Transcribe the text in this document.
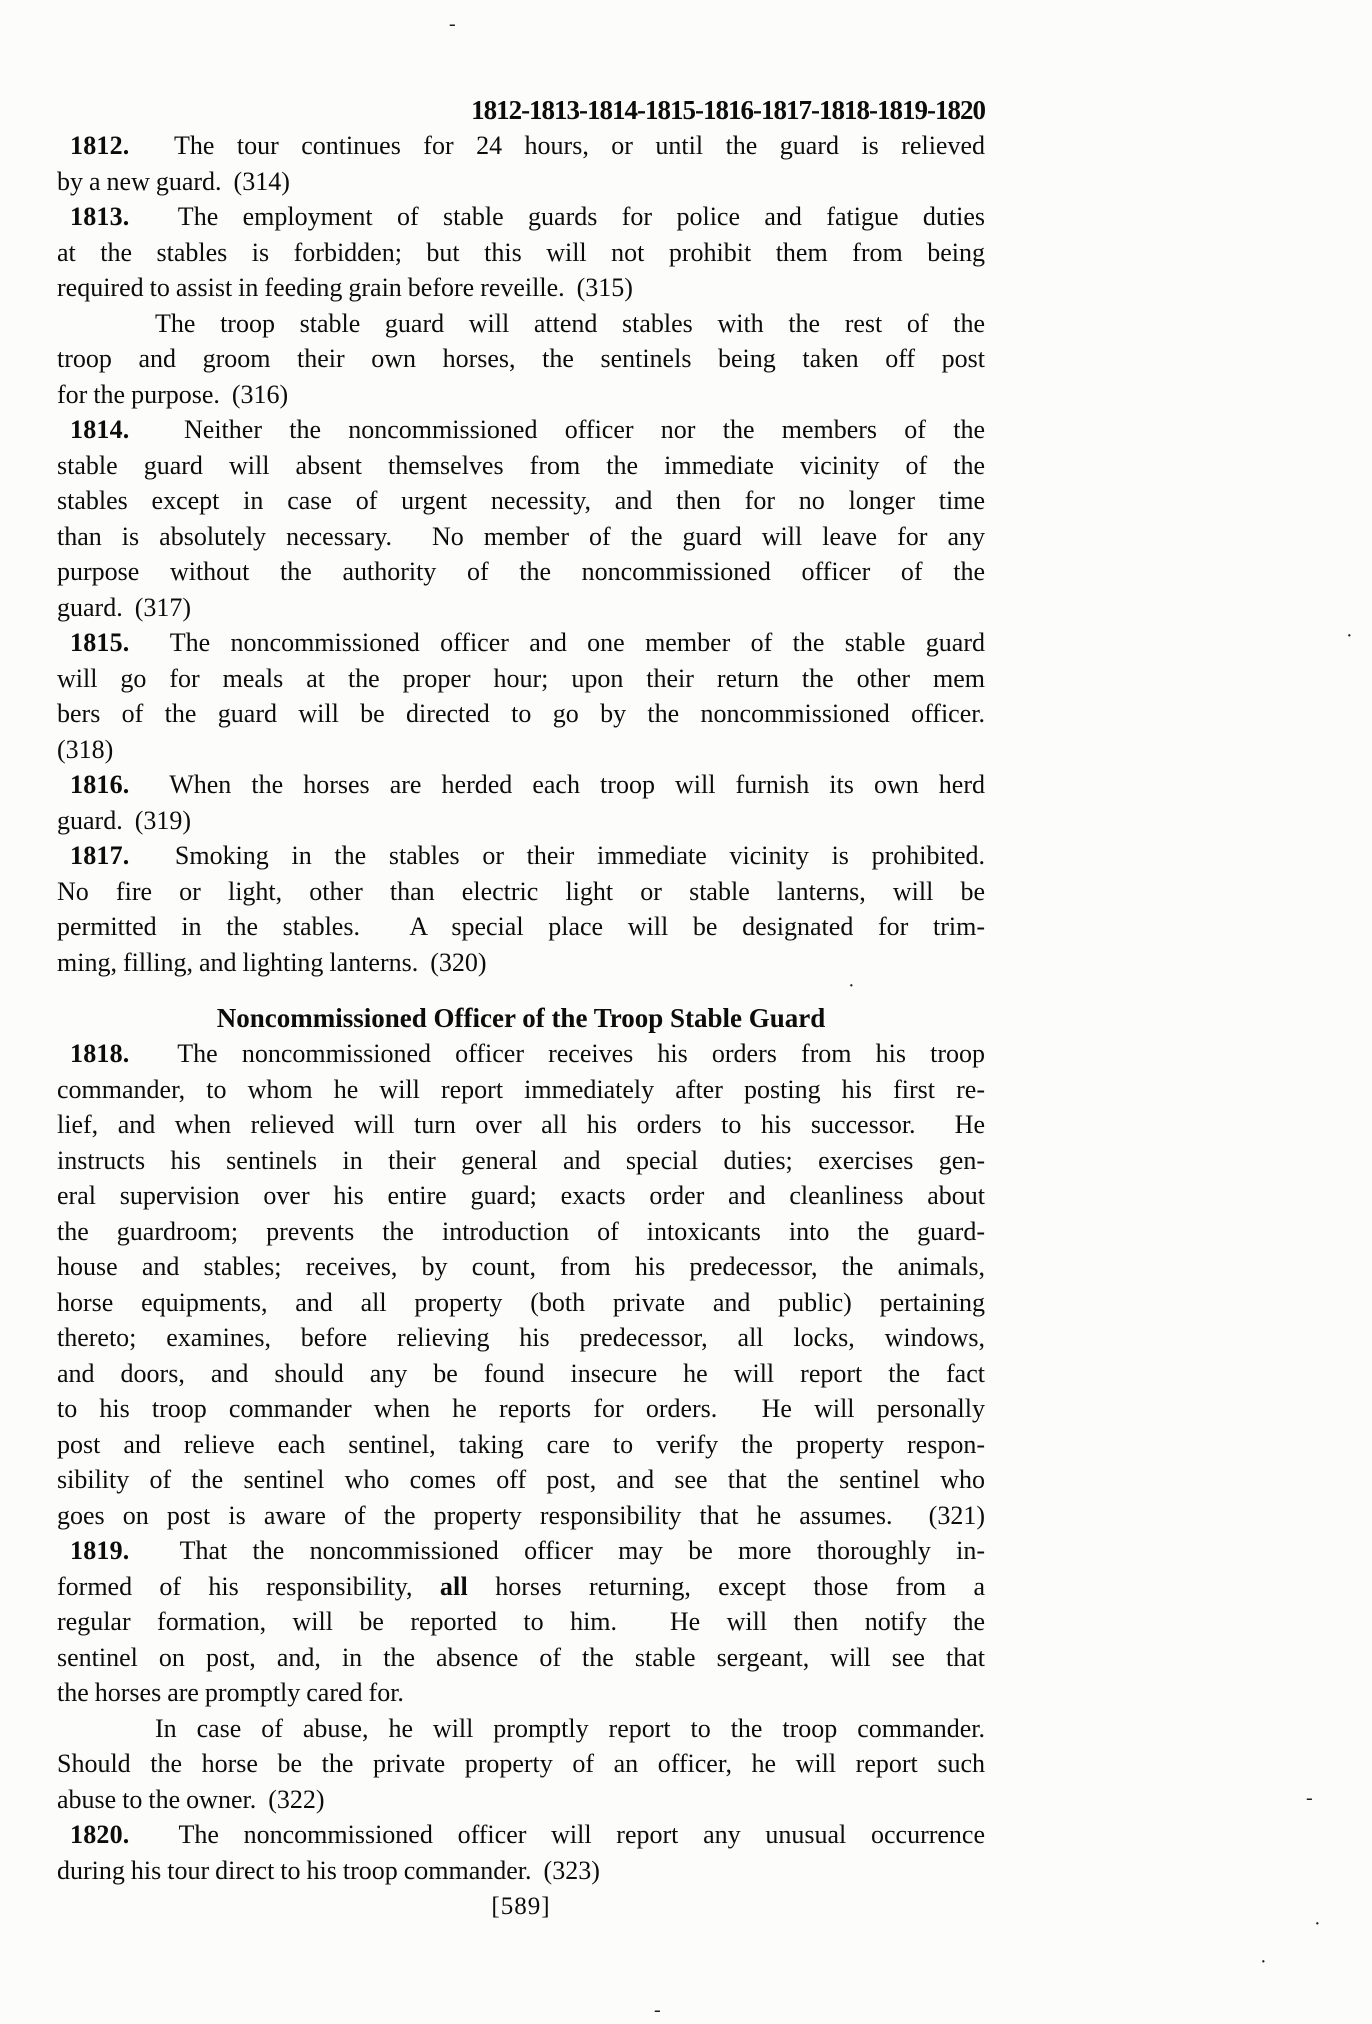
1812-1813-1814-1815-1816-1817-1818-1819-1820
1812.  The tour continues for 24 hours, or until the guard is relieved
by a new guard.  (314)
1813.  The employment of stable guards for police and fatigue duties
at the stables is forbidden; but this will not prohibit them from being
required to assist in feeding grain before reveille.  (315)
The troop stable guard will attend stables with the rest of the
troop and groom their own horses, the sentinels being taken off post
for the purpose.  (316)
1814.  Neither the noncommissioned officer nor the members of the
stable guard will absent themselves from the immediate vicinity of the
stables except in case of urgent necessity, and then for no longer time
than is absolutely necessary.  No member of the guard will leave for any
purpose without the authority of the noncommissioned officer of the
guard.  (317)
1815.  The noncommissioned officer and one member of the stable guard
will go for meals at the proper hour; upon their return the other mem
bers of the guard will be directed to go by the noncommissioned officer.
(318)
1816.  When the horses are herded each troop will furnish its own herd
guard.  (319)
1817.  Smoking in the stables or their immediate vicinity is prohibited.
No fire or light, other than electric light or stable lanterns, will be
permitted in the stables.  A special place will be designated for trim-
ming, filling, and lighting lanterns.  (320)
Noncommissioned Officer of the Troop Stable Guard
1818.  The noncommissioned officer receives his orders from his troop
commander, to whom he will report immediately after posting his first re-
lief, and when relieved will turn over all his orders to his successor.  He
instructs his sentinels in their general and special duties; exercises gen-
eral supervision over his entire guard; exacts order and cleanliness about
the guardroom; prevents the introduction of intoxicants into the guard-
house and stables; receives, by count, from his predecessor, the animals,
horse equipments, and all property (both private and public) pertaining
thereto; examines, before relieving his predecessor, all locks, windows,
and doors, and should any be found insecure he will report the fact
to his troop commander when he reports for orders.  He will personally
post and relieve each sentinel, taking care to verify the property respon-
sibility of the sentinel who comes off post, and see that the sentinel who
goes on post is aware of the property responsibility that he assumes.  (321)
1819.  That the noncommissioned officer may be more thoroughly in-
formed of his responsibility, all horses returning, except those from a
regular formation, will be reported to him.  He will then notify the
sentinel on post, and, in the absence of the stable sergeant, will see that
the horses are promptly cared for.
In case of abuse, he will promptly report to the troop commander.
Should the horse be the private property of an officer, he will report such
abuse to the owner.  (322)
1820.  The noncommissioned officer will report any unusual occurrence
during his tour direct to his troop commander.  (323)
[589]
-
·
·
-
·
·
-
